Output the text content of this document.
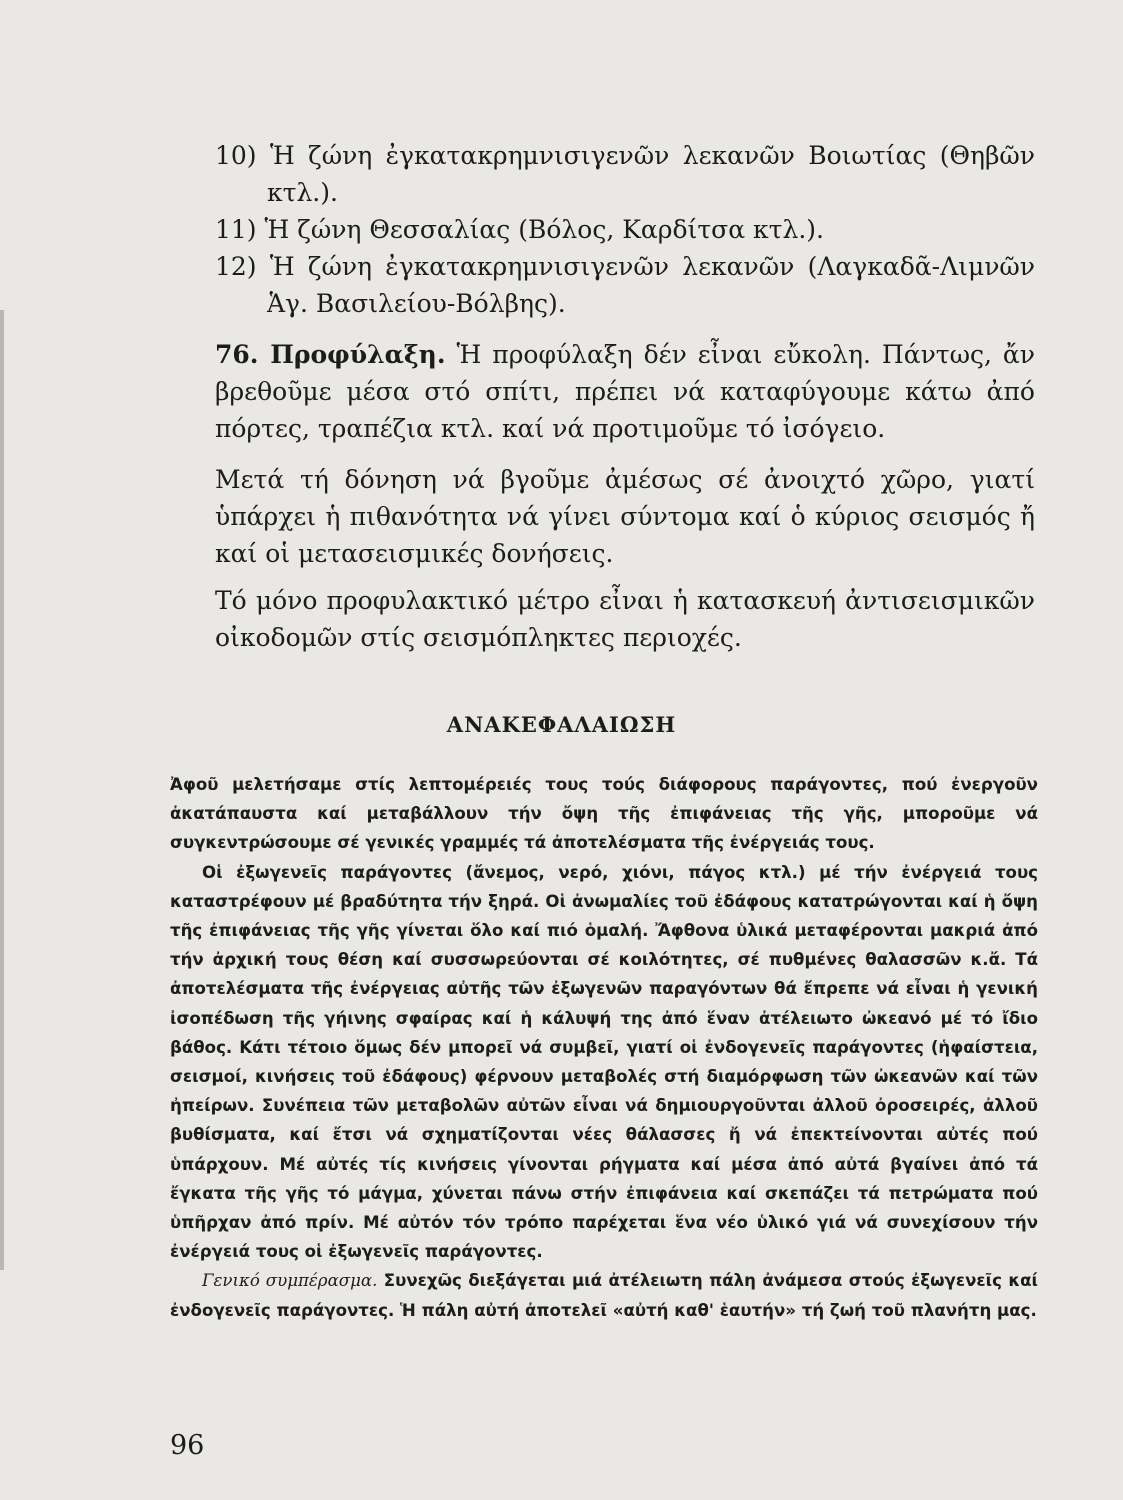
10) Ἡ ζώνη ἐγκατακρημνισιγενῶν λεκανῶν Βοιωτίας (Θηβῶν κτλ.).

11) Ἡ ζώνη Θεσσαλίας (Βόλος, Καρδίτσα κτλ.).

12) Ἡ ζώνη ἐγκατακρημνισιγενῶν λεκανῶν (Λαγκαδᾶ-Λιμνῶν Ἁγ. Βασιλείου-Βόλβης).

76. Προφύλαξη. Ἡ προφύλαξη δέν εἶναι εὔκολη. Πάντως, ἄν βρεθοῦμε μέσα στό σπίτι, πρέπει νά καταφύγουμε κάτω ἀπό πόρτες, τραπέζια κτλ. καί νά προτιμοῦμε τό ἰσόγειο.

Μετά τή δόνηση νά βγοῦμε ἀμέσως σέ ἀνοιχτό χῶρο, γιατί ὑπάρχει ἡ πιθανότητα νά γίνει σύντομα καί ὁ κύριος σεισμός ἤ καί οἱ μετασεισμικές δονήσεις.

Τό μόνο προφυλακτικό μέτρο εἶναι ἡ κατασκευή ἀντισεισμικῶν οἰκοδομῶν στίς σεισμόπληκτες περιοχές.

ΑΝΑΚΕΦΑΛΑΙΩΣΗ

Ἀφοῦ μελετήσαμε στίς λεπτομέρειές τους τούς διάφορους παράγοντες, πού ἐνεργοῦν ἀκατάπαυστα καί μεταβάλλουν τήν ὄψη τῆς ἐπιφάνειας τῆς γῆς, μποροῦμε νά συγκεντρώσουμε σέ γενικές γραμμές τά ἀποτελέσματα τῆς ἐνέργειάς τους.

Οἱ ἐξωγενεῖς παράγοντες (ἄνεμος, νερό, χιόνι, πάγος κτλ.) μέ τήν ἐνέργειά τους καταστρέφουν μέ βραδύτητα τήν ξηρά. Οἱ ἀνωμαλίες τοῦ ἐδάφους κατατρώγονται καί ἡ ὄψη τῆς ἐπιφάνειας τῆς γῆς γίνεται ὅλο καί πιό ὁμαλή. Ἄφθονα ὑλικά μεταφέρονται μακριά ἀπό τήν ἀρχική τους θέση καί συσσωρεύονται σέ κοιλότητες, σέ πυθμένες θαλασσῶν κ.ἄ. Τά ἀποτελέσματα τῆς ἐνέργειας αὐτῆς τῶν ἐξωγενῶν παραγόντων θά ἔπρεπε νά εἶναι ἡ γενική ἰσοπέδωση τῆς γήινης σφαίρας καί ἡ κάλυψή της ἀπό ἕναν ἀτέλειωτο ὠκεανό μέ τό ἴδιο βάθος. Κάτι τέτοιο ὅμως δέν μπορεῖ νά συμβεῖ, γιατί οἱ ἐνδογενεῖς παράγοντες (ἡφαίστεια, σεισμοί, κινήσεις τοῦ ἐδάφους) φέρνουν μεταβολές στή διαμόρφωση τῶν ὠκεανῶν καί τῶν ἠπείρων. Συνέπεια τῶν μεταβολῶν αὐτῶν εἶναι νά δημιουργοῦνται ἀλλοῦ ὀροσειρές, ἀλλοῦ βυθίσματα, καί ἔτσι νά σχηματίζονται νέες θάλασσες ἤ νά ἐπεκτείνονται αὐτές πού ὑπάρχουν. Μέ αὐτές τίς κινήσεις γίνονται ρήγματα καί μέσα ἀπό αὐτά βγαίνει ἀπό τά ἔγκατα τῆς γῆς τό μάγμα, χύνεται πάνω στήν ἐπιφάνεια καί σκεπάζει τά πετρώματα πού ὑπῆρχαν ἀπό πρίν. Μέ αὐτόν τόν τρόπο παρέχεται ἕνα νέο ὑλικό γιά νά συνεχίσουν τήν ἐνέργειά τους οἱ ἐξωγενεῖς παράγοντες.

Γενικό συμπέρασμα. Συνεχῶς διεξάγεται μιά ἀτέλειωτη πάλη ἀνάμεσα στούς ἐξωγενεῖς καί ἐνδογενεῖς παράγοντες. Ἡ πάλη αὐτή ἀποτελεῖ «αὐτή καθ' ἑαυτήν» τή ζωή τοῦ πλανήτη μας.

96
